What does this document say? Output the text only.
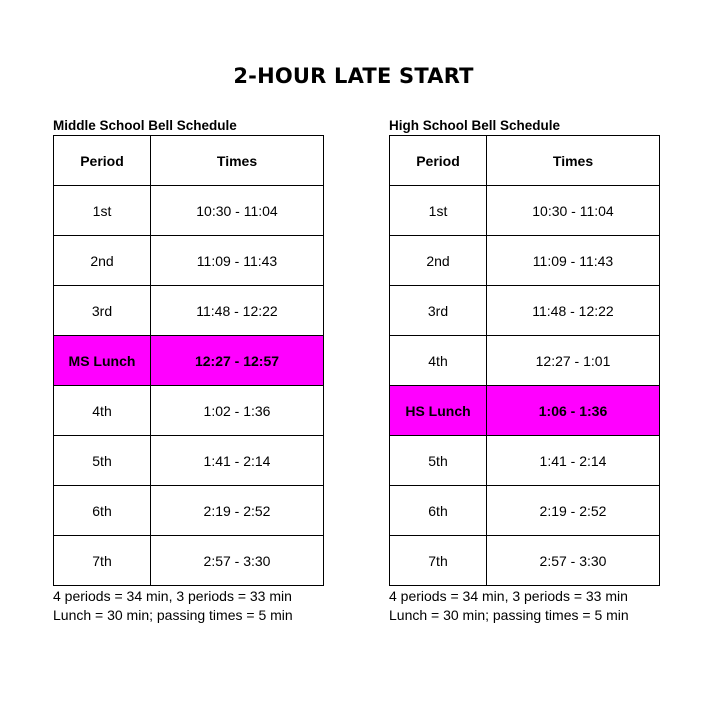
2-HOUR LATE START
Middle School Bell Schedule
Period	Times
1st	10:30 - 11:04
2nd	11:09 - 11:43
3rd	11:48 - 12:22
MS Lunch	12:27 - 12:57
4th	1:02 - 1:36
5th	1:41 - 2:14
6th	2:19 - 2:52
7th	2:57 - 3:30
4 periods = 34 min, 3 periods = 33 min
Lunch = 30 min; passing times = 5 min
High School Bell Schedule
Period	Times
1st	10:30 - 11:04
2nd	11:09 - 11:43
3rd	11:48 - 12:22
4th	12:27 - 1:01
HS Lunch	1:06 - 1:36
5th	1:41 - 2:14
6th	2:19 - 2:52
7th	2:57 - 3:30
4 periods = 34 min, 3 periods = 33 min
Lunch = 30 min; passing times = 5 min
